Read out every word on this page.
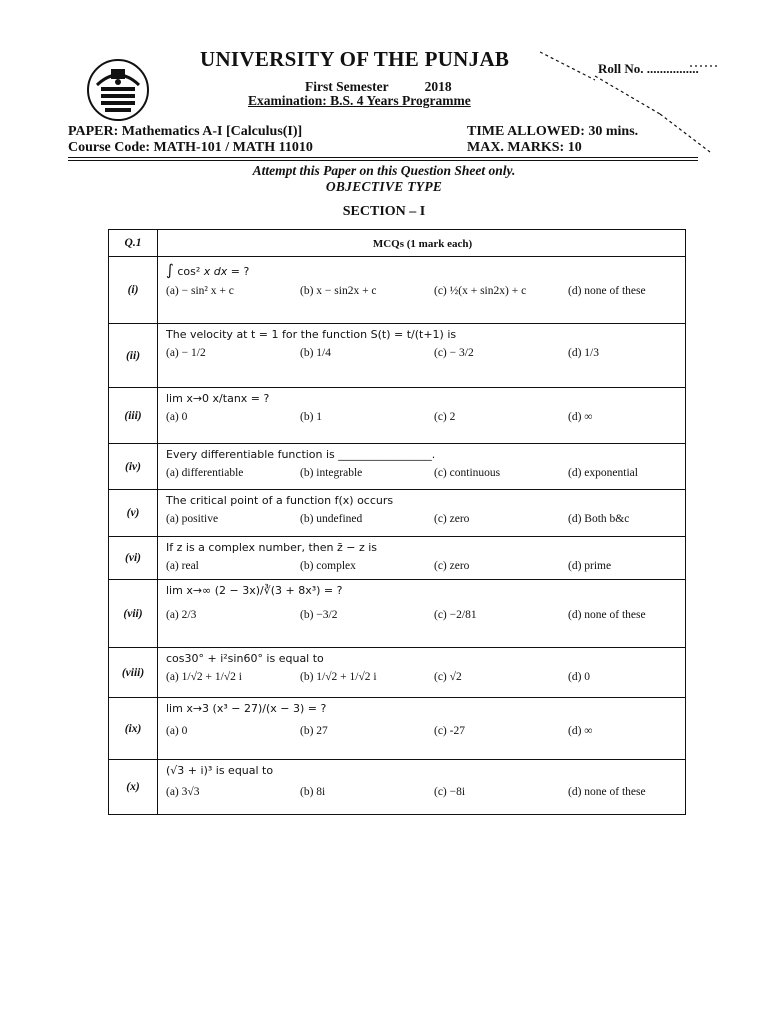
UNIVERSITY OF THE PUNJAB	Roll No. ................
First Semester	2018
Examination: B.S. 4 Years Programme
PAPER: Mathematics A-I [Calculus(I)]
Course Code: MATH-101 / MATH 11010
TIME ALLOWED: 30 mins.
MAX. MARKS: 10
Attempt this Paper on this Question Sheet only.
OBJECTIVE TYPE
SECTION – I
Q.1	MCQs (1 mark each)

(i)	∫ cos² x dx = ?
(a) − sin² x + c (b) x − sin2x + c (c) ½(x + sin2x) + c (d) none of these

(ii)	The velocity at t = 1 for the function S(t) = t/(t+1) is
(a) − 1/2 (b) 1/4 (c) − 3/2 (d) 1/3

(iii)	lim x→0 x/tanx = ?
(a) 0 (b) 1 (c) 2 (d) ∞

(iv)	Every differentiable function is _________________.
(a) differentiable (b) integrable (c) continuous (d) exponential

(v)	The critical point of a function f(x) occurs
(a) positive (b) undefined (c) zero (d) Both b&c

(vi)	If z is a complex number, then z̄ − z is
(a) real (b) complex (c) zero (d) prime

(vii)	lim x→∞ (2 − 3x)/∛(3 + 8x³) = ?
(a) 2/3 (b) −3/2 (c) −2/81 (d) none of these

(viii)	cos30° + i²sin60° is equal to
(a) 1/√2 + 1/√2 i (b) 1/√2 + 1/√2 i (c) √2 (d) 0

(ix)	lim x→3 (x³ − 27)/(x − 3) = ?
(a) 0 (b) 27 (c) -27 (d) ∞

(x)	(√3 + i)³ is equal to
(a) 3√3 (b) 8i (c) −8i (d) none of these
